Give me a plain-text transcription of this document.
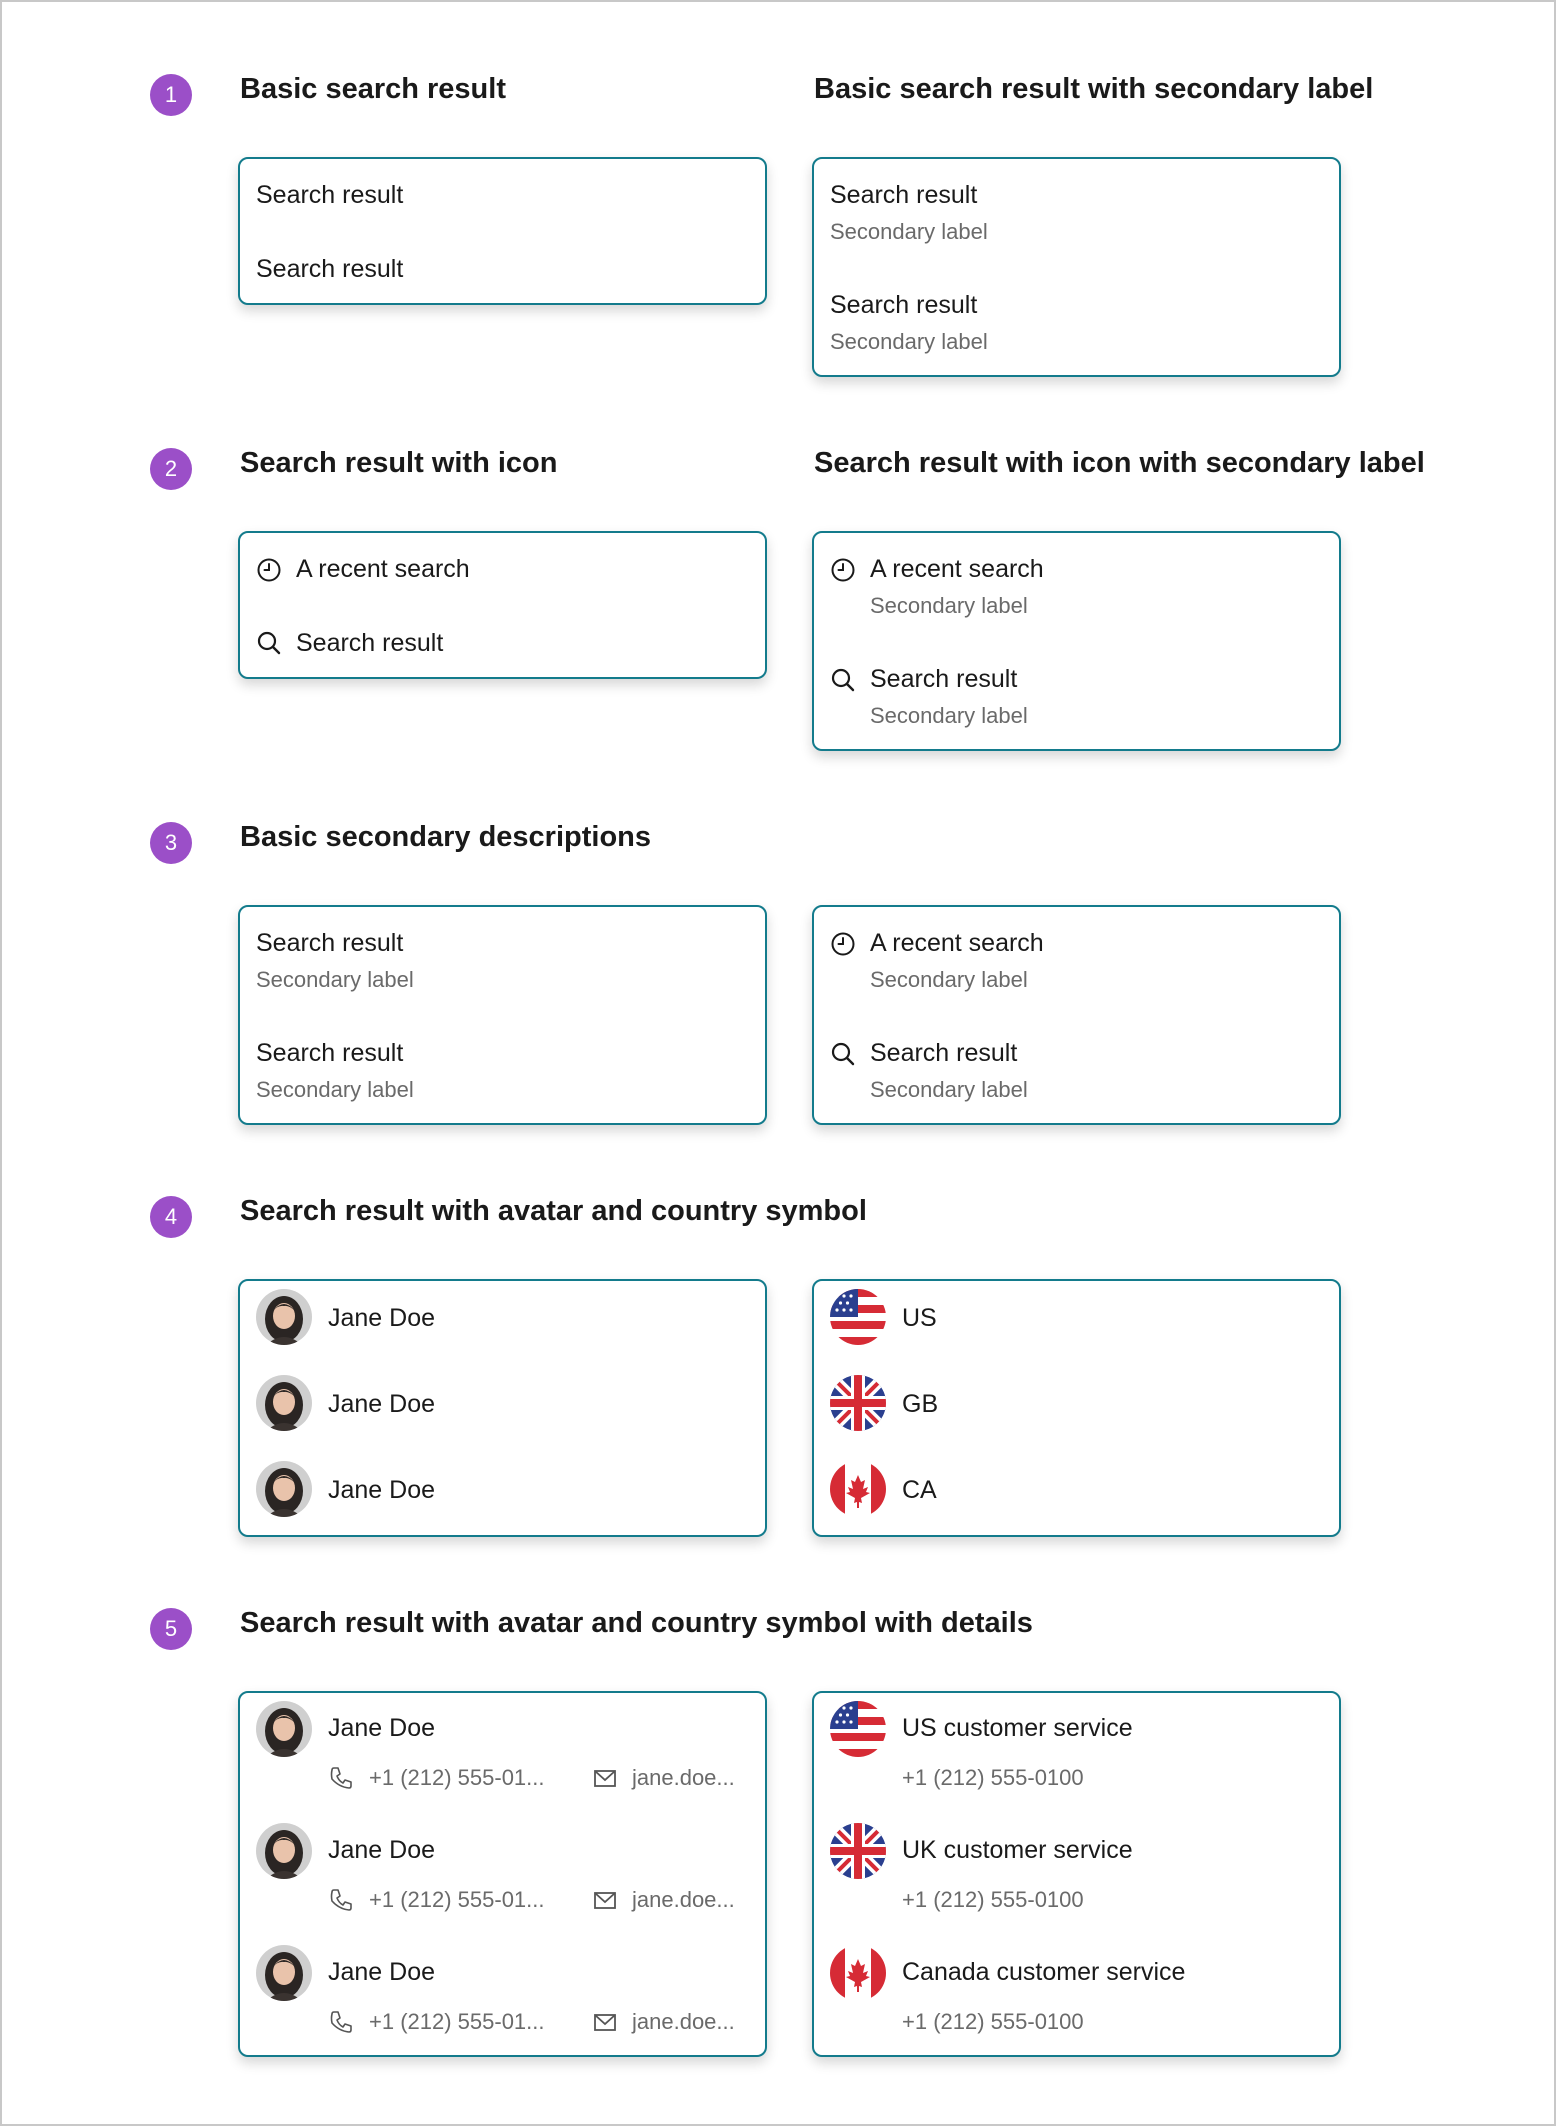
1	Basic search result	Basic search result with secondary label
Search result
Search result
Search result
Secondary label
Search result
Secondary label
2	Search result with icon	Search result with icon with secondary label
A recent search
Search result
A recent search
Secondary label
Search result
Secondary label
3	Basic secondary descriptions
Search result
Secondary label
Search result
Secondary label
A recent search
Secondary label
Search result
Secondary label
4	Search result with avatar and country symbol
Jane Doe
Jane Doe
Jane Doe
US
GB
CA
5	Search result with avatar and country symbol with details
Jane Doe
+1 (212) 555-01...	jane.doe...
Jane Doe
+1 (212) 555-01...	jane.doe...
Jane Doe
+1 (212) 555-01...	jane.doe...
US customer service
+1 (212) 555-0100
UK customer service
+1 (212) 555-0100
Canada customer service
+1 (212) 555-0100
